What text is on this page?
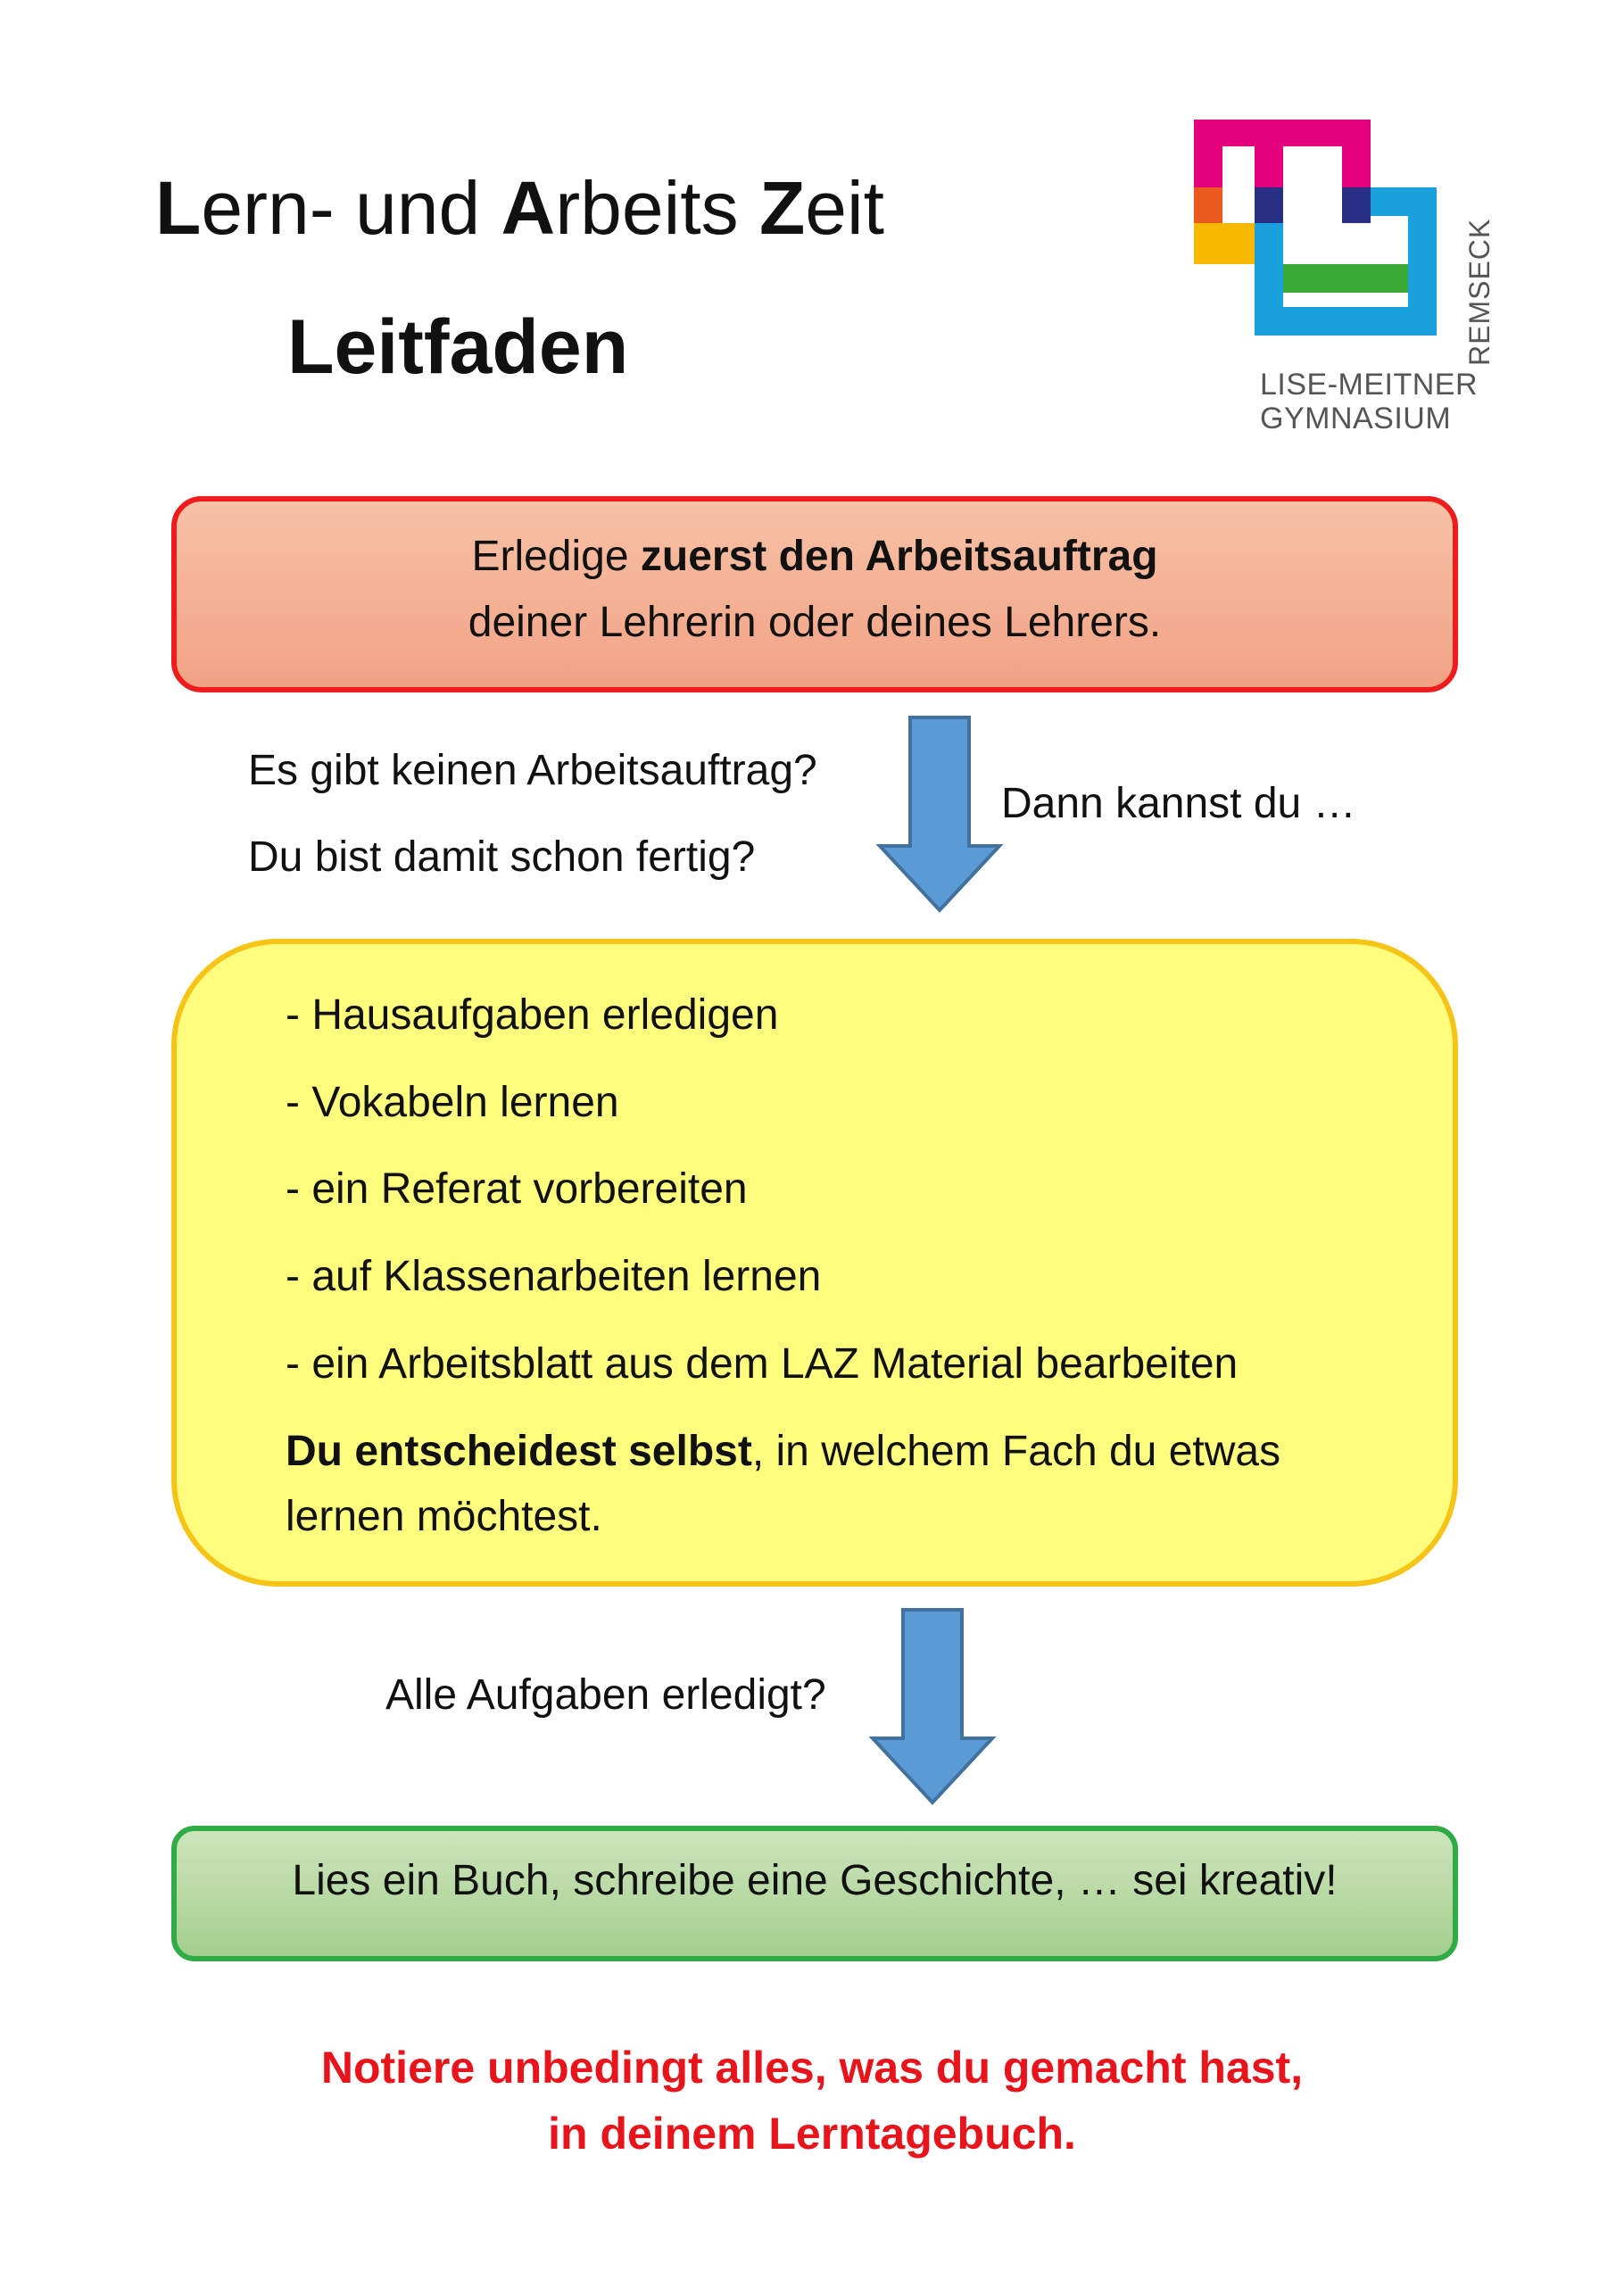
Lern- und Arbeits Zeit
Leitfaden	LISE-MEITNER
GYMNASIUM
REMSECK
Erledige zuerst den Arbeitsauftrag
deiner Lehrerin oder deines Lehrers.
Es gibt keinen Arbeitsauftrag?
Du bist damit schon fertig?
Dann kannst du …
- Hausaufgaben erledigen
- Vokabeln lernen
- ein Referat vorbereiten
- auf Klassenarbeiten lernen
- ein Arbeitsblatt aus dem LAZ Material bearbeiten
Du entscheidest selbst, in welchem Fach du etwas
lernen möchtest.
Alle Aufgaben erledigt?
Lies ein Buch, schreibe eine Geschichte, … sei kreativ!
Notiere unbedingt alles, was du gemacht hast,
in deinem Lerntagebuch.
